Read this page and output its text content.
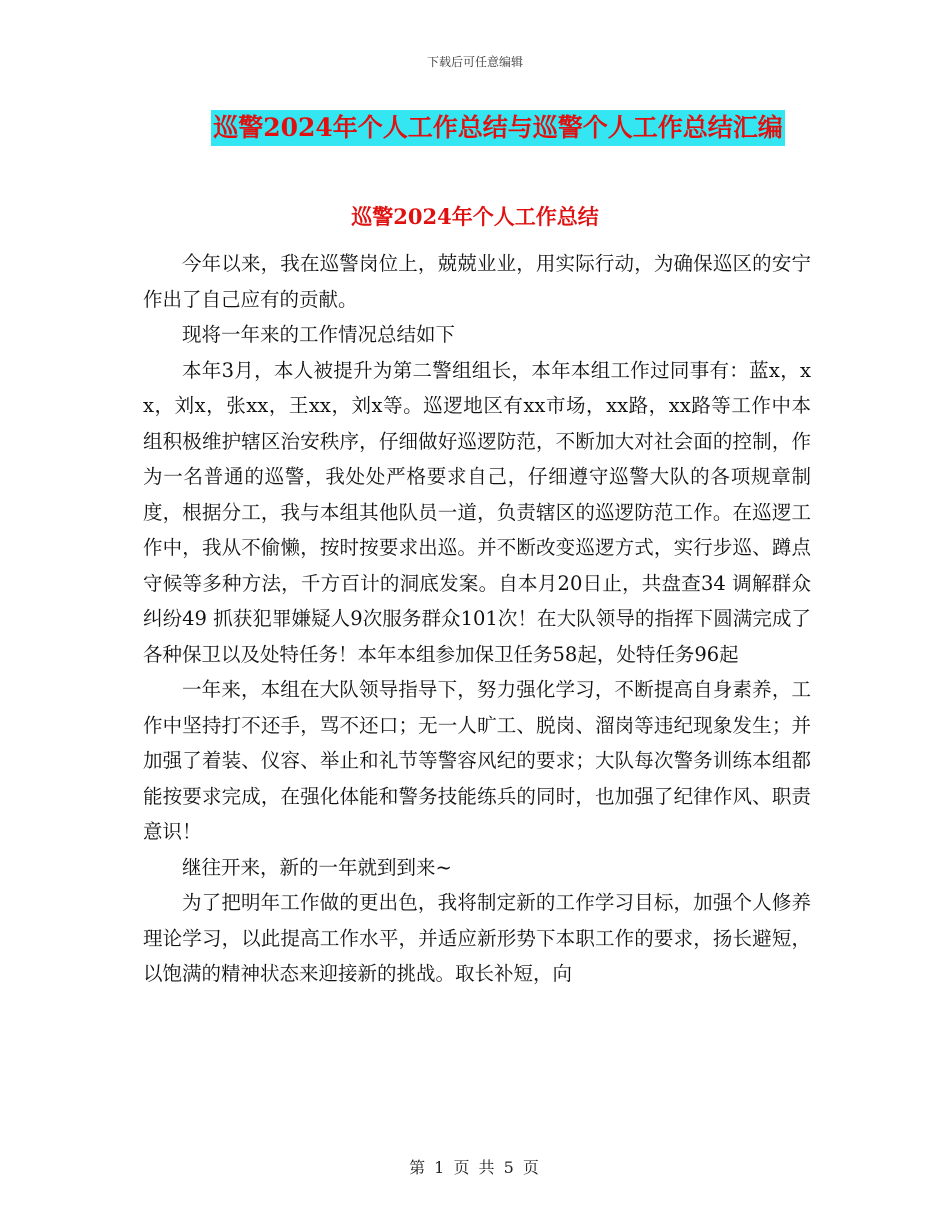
下载后可任意编辑
巡警2024年个人工作总结与巡警个人工作总结汇编
巡警2024年个人工作总结

今年以来，我在巡警岗位上，兢兢业业，用实际行动，为确保巡区的安宁作出了自己应有的贡献。

现将一年来的工作情况总结如下

本年3月，本人被提升为第二警组组长，本年本组工作过同事有：蓝x，xx，刘x，张xx，王xx，刘x等。巡逻地区有xx市场，xx路，xx路等工作中本组积极维护辖区治安秩序，仔细做好巡逻防范，不断加大对社会面的控制，作为一名普通的巡警，我处处严格要求自己，仔细遵守巡警大队的各项规章制度，根据分工，我与本组其他队员一道，负责辖区的巡逻防范工作。在巡逻工作中，我从不偷懒，按时按要求出巡。并不断改变巡逻方式，实行步巡、蹲点守候等多种方法，千方百计的洞底发案。自本月20日止，共盘查34 调解群众纠纷49 抓获犯罪嫌疑人9次服务群众101次！在大队领导的指挥下圆满完成了各种保卫以及处特任务！本年本组参加保卫任务58起，处特任务96起

一年来，本组在大队领导指导下，努力强化学习，不断提高自身素养，工作中坚持打不还手，骂不还口；无一人旷工、脱岗、溜岗等违纪现象发生；并加强了着装、仪容、举止和礼节等警容风纪的要求；大队每次警务训练本组都能按要求完成，在强化体能和警务技能练兵的同时，也加强了纪律作风、职责意识！

继往开来，新的一年就到到来~

为了把明年工作做的更出色，我将制定新的工作学习目标，加强个人修养理论学习，以此提高工作水平，并适应新形势下本职工作的要求，扬长避短，以饱满的精神状态来迎接新的挑战。取长补短，向

第 1 页 共 5 页
